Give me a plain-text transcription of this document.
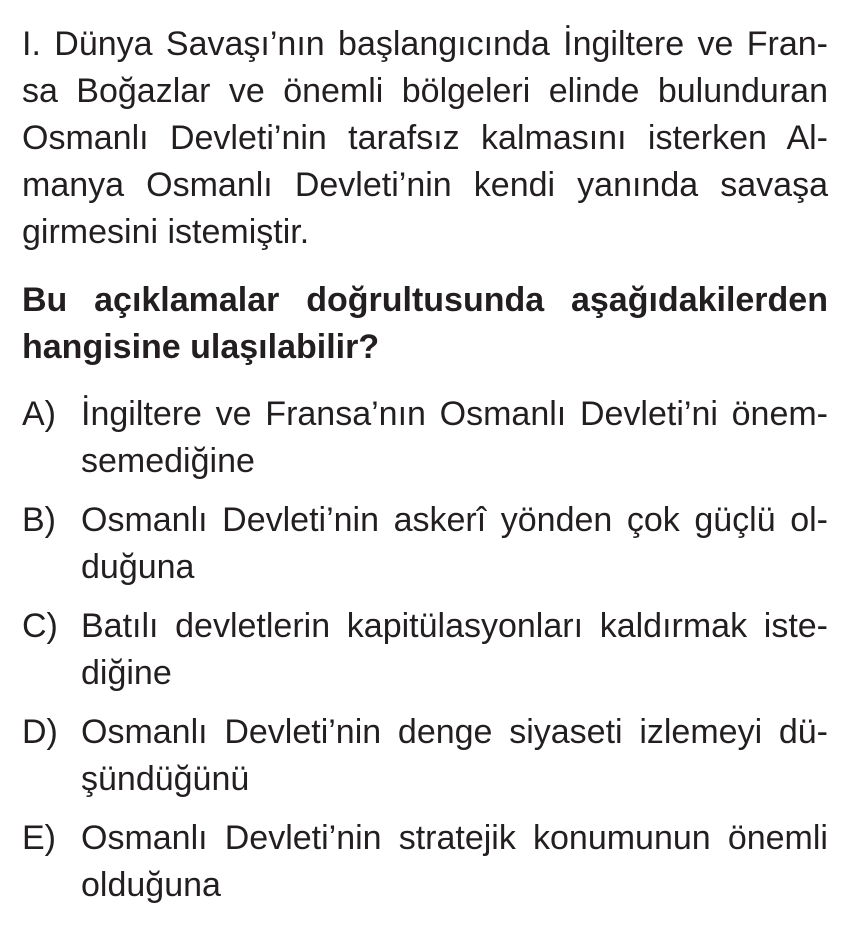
I. Dünya Savaşı’nın başlangıcında İngiltere ve Fran-
sa Boğazlar ve önemli bölgeleri elinde bulunduran
Osmanlı Devleti’nin tarafsız kalmasını isterken Al-
manya Osmanlı Devleti’nin kendi yanında savaşa
girmesini istemiştir.
Bu açıklamalar doğrultusunda aşağıdakilerden
hangisine ulaşılabilir?
A) İngiltere ve Fransa’nın Osmanlı Devleti’ni önem-
semediğine
B) Osmanlı Devleti’nin askerî yönden çok güçlü ol-
duğuna
C) Batılı devletlerin kapitülasyonları kaldırmak iste-
diğine
D) Osmanlı Devleti’nin denge siyaseti izlemeyi dü-
şündüğünü
E) Osmanlı Devleti’nin stratejik konumunun önemli
olduğuna
